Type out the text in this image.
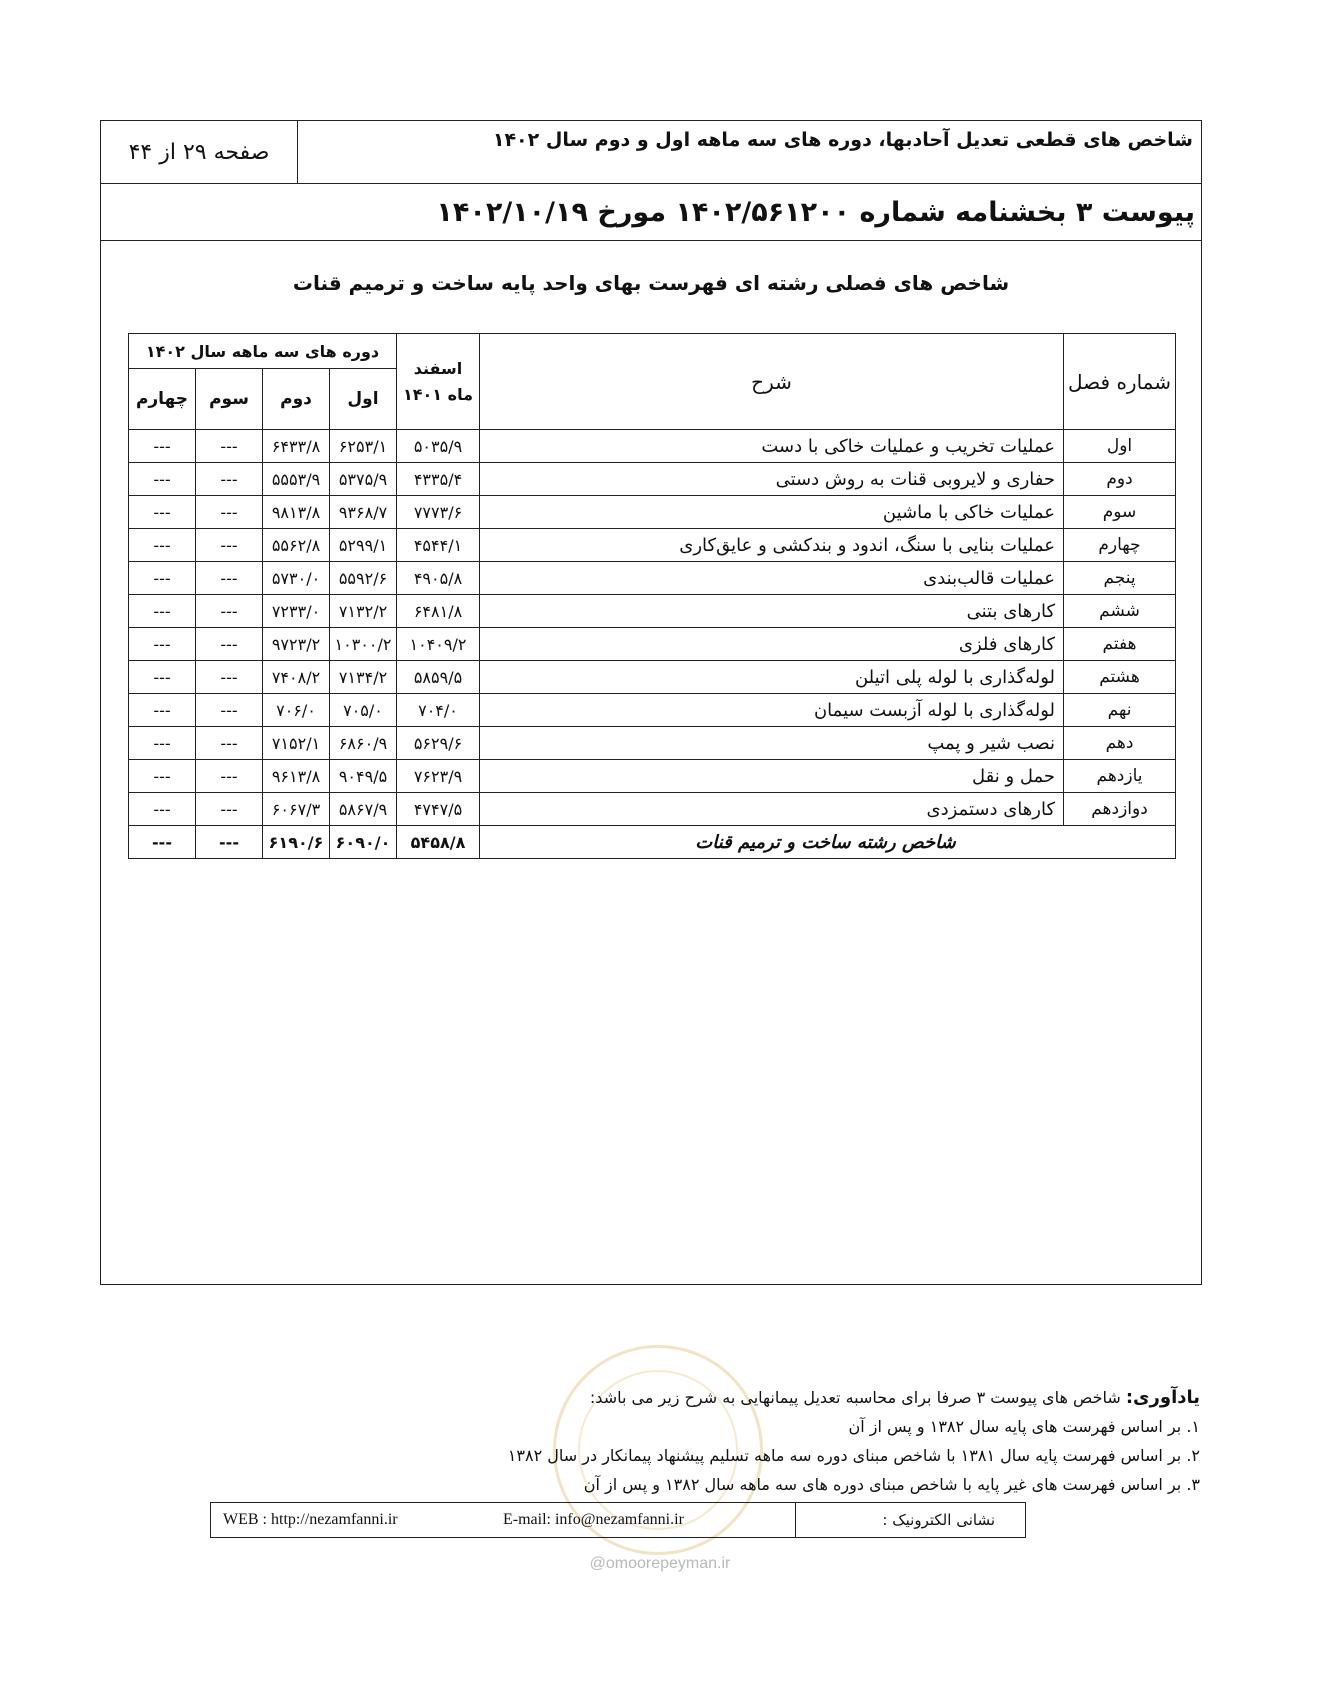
شاخص های قطعی تعدیل آحادبها، دوره های سه ماهه اول و دوم سال ۱۴۰۲
صفحه ۲۹ از ۴۴
پیوست ۳ بخشنامه شماره ۱۴۰۲/۵۶۱۲۰۰ مورخ ۱۴۰۲/۱۰/۱۹
شاخص های فصلی رشته ای فهرست بهای واحد پایه ساخت و ترمیم قنات
شماره فصل	شرح	اسفند ماه ۱۴۰۱	دوره های سه ماهه سال ۱۴۰۲			
			اول	دوم	سوم	چهارم
اول	عملیات تخریب و عملیات خاکی با دست	۵۰۳۵/۹	۶۲۵۳/۱	۶۴۳۳/۸	---	---
دوم	حفاری و لایروبی قنات به روش دستی	۴۳۳۵/۴	۵۳۷۵/۹	۵۵۵۳/۹	---	---
سوم	عملیات خاکی با ماشین	۷۷۷۳/۶	۹۳۶۸/۷	۹۸۱۳/۸	---	---
چهارم	عملیات بنایی با سنگ، اندود و بندکشی و عایق‌کاری	۴۵۴۴/۱	۵۲۹۹/۱	۵۵۶۲/۸	---	---
پنجم	عملیات قالب‌بندی	۴۹۰۵/۸	۵۵۹۲/۶	۵۷۳۰/۰	---	---
ششم	کارهای بتنی	۶۴۸۱/۸	۷۱۳۲/۲	۷۲۳۳/۰	---	---
هفتم	کارهای فلزی	۱۰۴۰۹/۲	۱۰۳۰۰/۲	۹۷۲۳/۲	---	---
هشتم	لوله‌گذاری با لوله پلی اتیلن	۵۸۵۹/۵	۷۱۳۴/۲	۷۴۰۸/۲	---	---
نهم	لوله‌گذاری با لوله آزبست سیمان	۷۰۴/۰	۷۰۵/۰	۷۰۶/۰	---	---
دهم	نصب شیر و پمپ	۵۶۲۹/۶	۶۸۶۰/۹	۷۱۵۲/۱	---	---
یازدهم	حمل و نقل	۷۶۲۳/۹	۹۰۴۹/۵	۹۶۱۳/۸	---	---
دوازدهم	کارهای دستمزدی	۴۷۴۷/۵	۵۸۶۷/۹	۶۰۶۷/۳	---	---
شاخص رشته ساخت و ترمیم قنات		۵۴۵۸/۸	۶۰۹۰/۰	۶۱۹۰/۶	---	---
یادآوری: شاخص های پیوست ۳ صرفا برای محاسبه تعدیل پیمانهایی به شرح زیر می باشد:
۱. بر اساس فهرست های پایه سال ۱۳۸۲ و پس از آن
۲. بر اساس فهرست پایه سال ۱۳۸۱ با شاخص مبنای دوره سه ماهه تسلیم پیشنهاد پیمانکار در سال ۱۳۸۲
۳. بر اساس فهرست های غیر پایه با شاخص مبنای دوره های سه ماهه سال ۱۳۸۲ و پس از آن
WEB : http://nezamfanni.ir	E-mail: info@nezamfanni.ir	نشانی الکترونیک :
@omoorepeyman.ir
